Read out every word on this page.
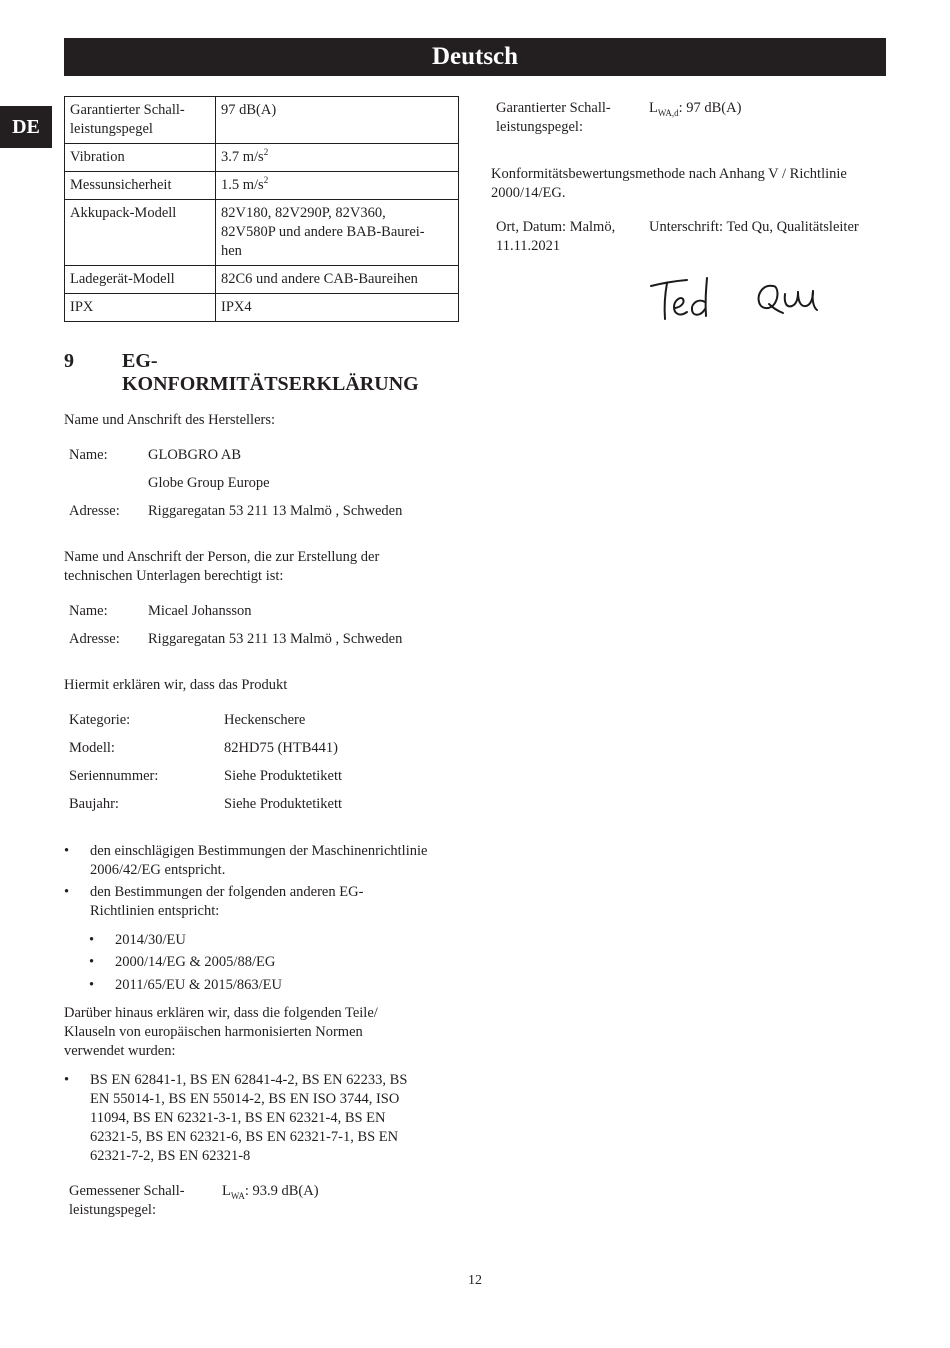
Deutsch
DE
Garantierter Schall-
leistungspegel	97 dB(A)
Vibration	3.7 $m/s^2$
Messunsicherheit	1.5 $m/s^2$
Akkupack-Modell	82V180, 82V290P, 82V360,
82V580P und andere BAB-Baurei-
hen
Ladegerät-Modell	82C6 und andere CAB-Baureihen
IPX	IPX4
9 EG-
KONFORMITÄTSERKLÄRUNG
Name und Anschrift des Herstellers:
Name:	GLOBGRO AB
Globe Group Europe
Adresse: Riggaregatan 53 211 13 Malmö , Schweden
Name und Anschrift der Person, die zur Erstellung der
technischen Unterlagen berechtigt ist:
Name:	Micael Johansson
Adresse: Riggaregatan 53 211 13 Malmö , Schweden
Hiermit erklären wir, dass das Produkt
Kategorie:	Heckenschere
Modell:	82HD75 (HTB441)
Seriennummer:	Siehe Produktetikett
Baujahr:	Siehe Produktetikett
• den einschlägigen Bestimmungen der Maschinenrichtlinie
2006/42/EG entspricht.
• den Bestimmungen der folgenden anderen EG-
Richtlinien entspricht:
• 2014/30/EU
• 2000/14/EG & 2005/88/EG
• 2011/65/EU & 2015/863/EU
Darüber hinaus erklären wir, dass die folgenden Teile/
Klauseln von europäischen harmonisierten Normen
verwendet wurden:
• BS EN 62841-1, BS EN 62841-4-2, BS EN 62233, BS
EN 55014-1, BS EN 55014-2, BS EN ISO 3744, ISO
11094, BS EN 62321-3-1, BS EN 62321-4, BS EN
62321-5, BS EN 62321-6, BS EN 62321-7-1, BS EN
62321-7-2, BS EN 62321-8
Gemessener Schall-
leistungspegel:
$L_{WA}$: 93.9 dB(A)
Garantierter Schall-
leistungspegel:
$L_{WA,d}$: 97 dB(A)
Konformitätsbewertungsmethode nach Anhang V / Richtlinie
2000/14/EG.
Ort, Datum: Malmö,
11.11.2021
Unterschrift: Ted Qu, Qualitätsleiter
12
